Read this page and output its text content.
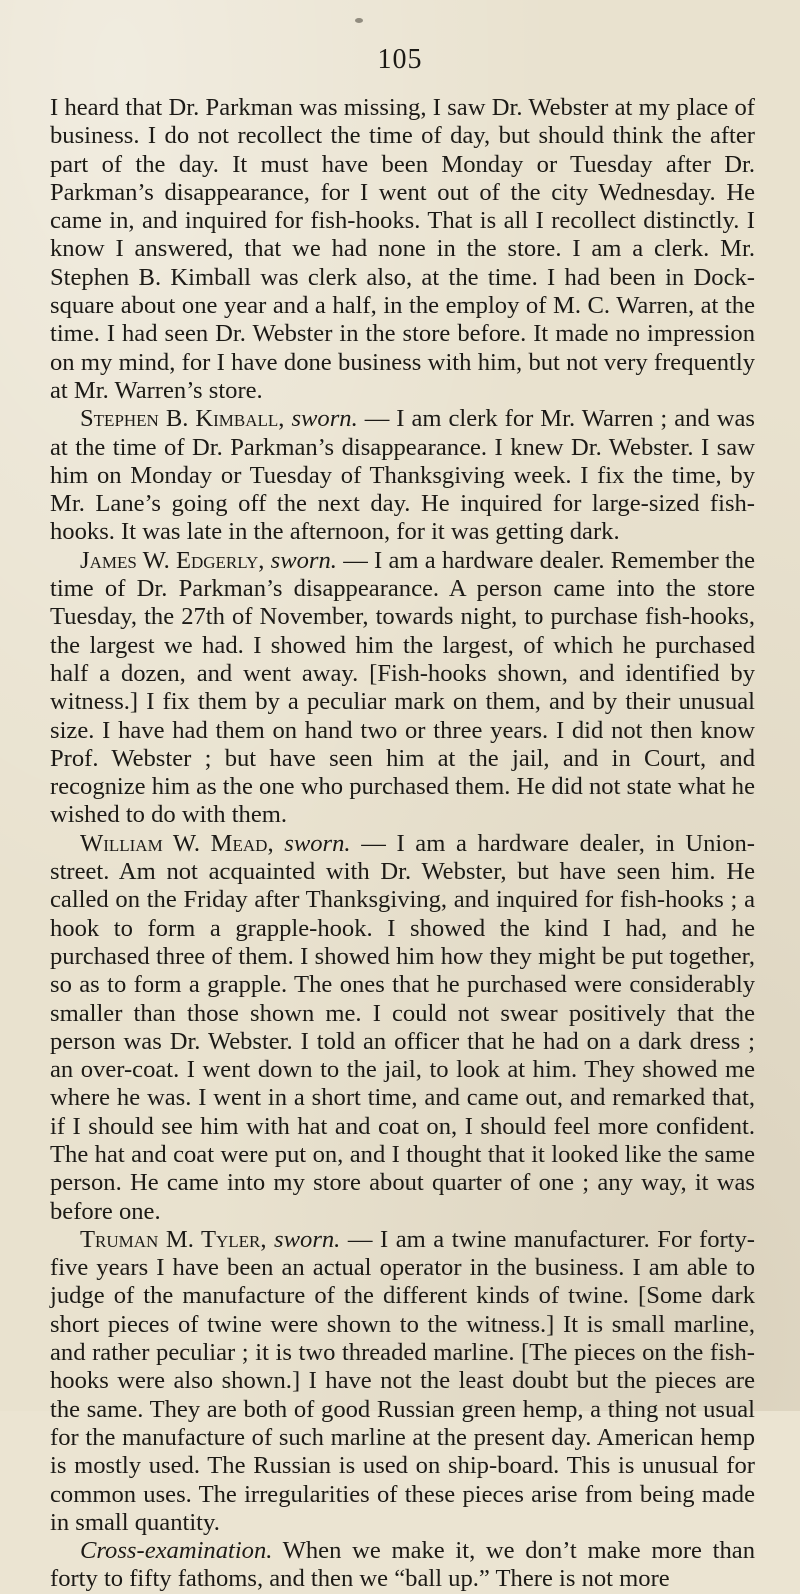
105

I heard that Dr. Parkman was missing, I saw Dr. Webster at my place of business. I do not recollect the time of day, but should think the after part of the day. It must have been Monday or Tuesday after Dr. Parkman’s disappearance, for I went out of the city Wednesday. He came in, and inquired for fish-hooks. That is all I recollect distinctly. I know I answered, that we had none in the store. I am a clerk. Mr. Stephen B. Kimball was clerk also, at the time. I had been in Dock-square about one year and a half, in the employ of M. C. Warren, at the time. I had seen Dr. Webster in the store before. It made no impression on my mind, for I have done business with him, but not very frequently at Mr. Warren’s store.

Stephen B. Kimball, sworn. — I am clerk for Mr. Warren ; and was at the time of Dr. Parkman’s disappearance. I knew Dr. Webster. I saw him on Monday or Tuesday of Thanksgiving week. I fix the time, by Mr. Lane’s going off the next day. He inquired for large-sized fish-hooks. It was late in the afternoon, for it was getting dark.

James W. Edgerly, sworn. — I am a hardware dealer. Remember the time of Dr. Parkman’s disappearance. A person came into the store Tuesday, the 27th of November, towards night, to purchase fish-hooks, the largest we had. I showed him the largest, of which he purchased half a dozen, and went away. [Fish-hooks shown, and identified by witness.] I fix them by a peculiar mark on them, and by their unusual size. I have had them on hand two or three years. I did not then know Prof. Webster ; but have seen him at the jail, and in Court, and recognize him as the one who purchased them. He did not state what he wished to do with them.

William W. Mead, sworn. — I am a hardware dealer, in Union-street. Am not acquainted with Dr. Webster, but have seen him. He called on the Friday after Thanksgiving, and inquired for fish-hooks ; a hook to form a grapple-hook. I showed the kind I had, and he purchased three of them. I showed him how they might be put together, so as to form a grapple. The ones that he purchased were considerably smaller than those shown me. I could not swear positively that the person was Dr. Webster. I told an officer that he had on a dark dress ; an over-coat. I went down to the jail, to look at him. They showed me where he was. I went in a short time, and came out, and remarked that, if I should see him with hat and coat on, I should feel more confident. The hat and coat were put on, and I thought that it looked like the same person. He came into my store about quarter of one ; any way, it was before one.

Truman M. Tyler, sworn. — I am a twine manufacturer. For forty-five years I have been an actual operator in the business. I am able to judge of the manufacture of the different kinds of twine. [Some dark short pieces of twine were shown to the witness.] It is small marline, and rather peculiar ; it is two threaded marline. [The pieces on the fish-hooks were also shown.] I have not the least doubt but the pieces are the same. They are both of good Russian green hemp, a thing not usual for the manufacture of such marline at the present day. American hemp is mostly used. The Russian is used on ship-board. This is unusual for common uses. The irregularities of these pieces arise from being made in small quantity.

Cross-examination. When we make it, we don’t make more than forty to fifty fathoms, and then we “ball up.” There is not more
